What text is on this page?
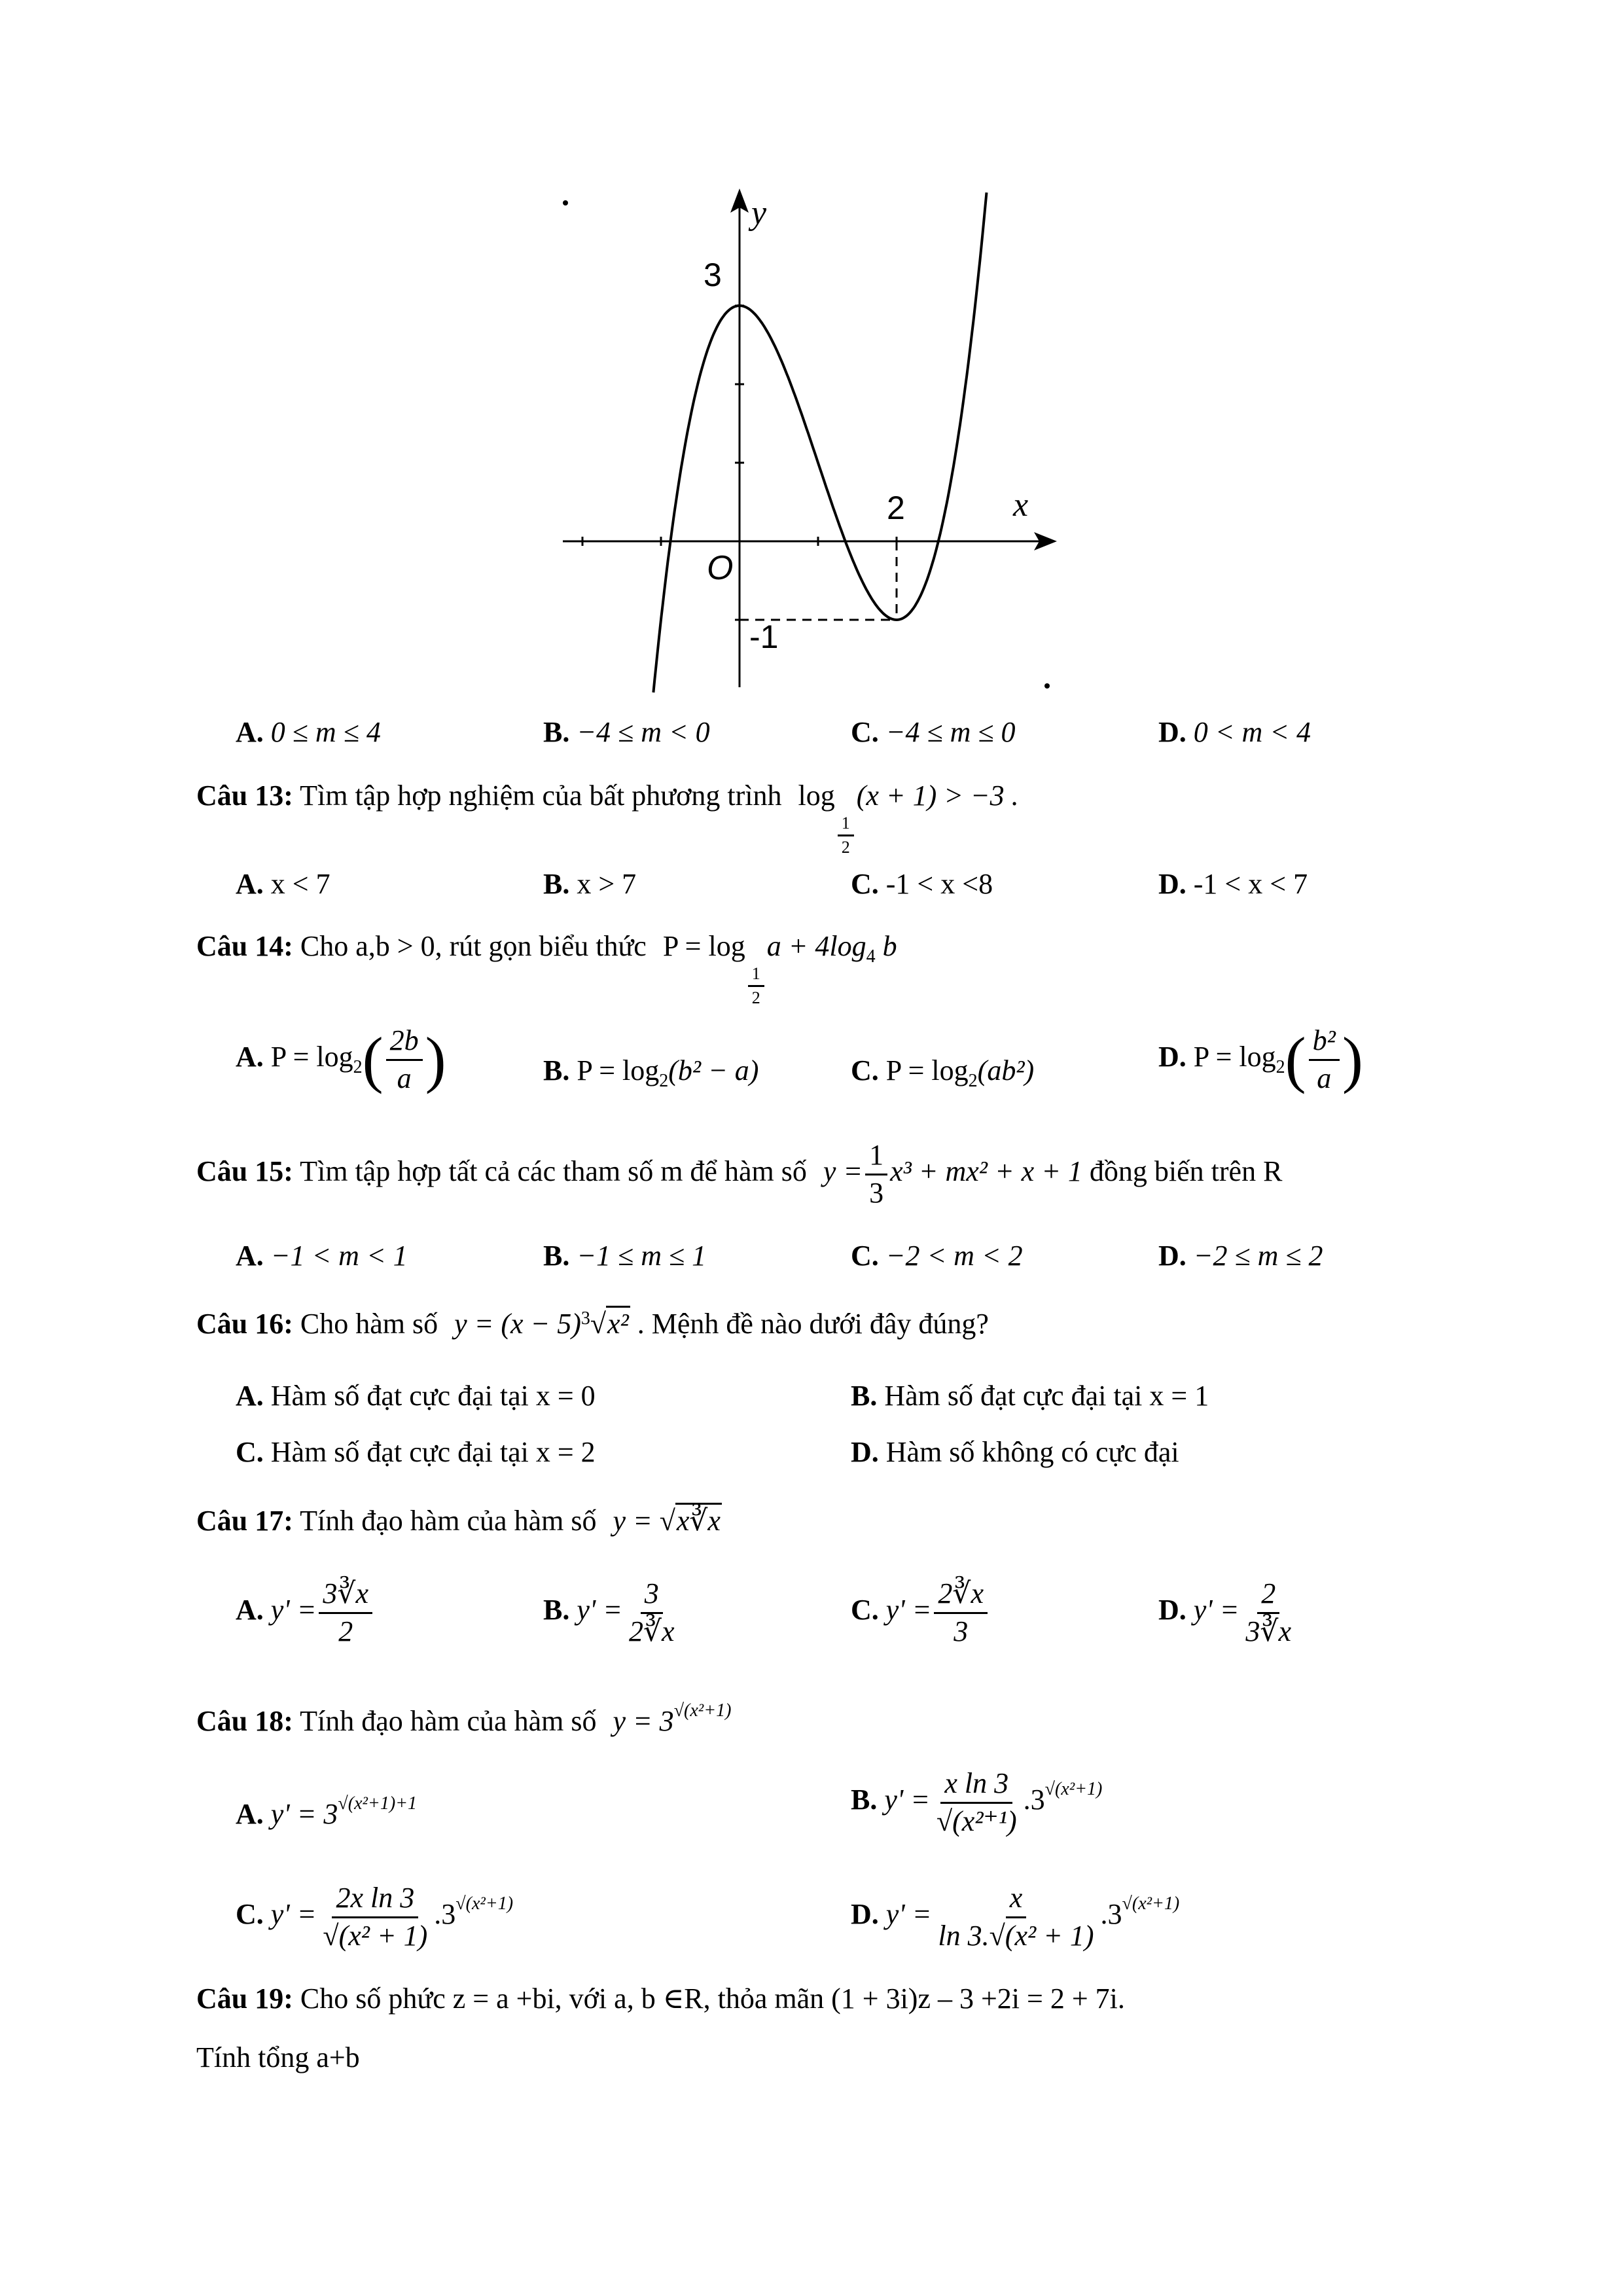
y
x
O
3
2
-1
A. 0 ≤ m ≤ 4	B. −4 ≤ m < 0	C. −4 ≤ m ≤ 0	D. 0 < m < 4
Câu 13: Tìm tập hợp nghiệm của bất phương trình log
$\frac{1}{2}$
(x + 1) > −3 .
A. x < 7	B. x > 7	C. -1 < x <8	D. -1 < x < 7
Câu 14: Cho a,b > 0, rút gọn biểu thức P = log
$\frac{1}{2}$
$a + 4\log_4$ b
A. $P = \log_2( \frac{2b}{a}$ )	B. $P = \log_2(b^2 - a)$	C. $P = \log_2(ab^2)$	D. $P = \log_2( \frac{\text{b²}}{a}$ )
Câu 15: Tìm tập hợp tất cả các tham số m để hàm số $y = \frac{1}{3} x^3 + mx^2 + x + 1$ đồng biến trên R
A. −1 < m < 1	B. −1 ≤ m ≤ 1	C. −2 < m < 2	D. −2 ≤ m ≤ 2
Câu 16: Cho hàm số $y = (x - 5)^3√x^2$ . Mệnh đề nào dưới đây đúng?
A. Hàm số đạt cực đại tại x = 0	B. Hàm số đạt cực đại tại x = 1
C. Hàm số đạt cực đại tại x = 2	D. Hàm số không có cực đại
Câu 17: Tính đạo hàm của hàm số y = √x∛x
A. $y' = \frac{3∛x}{2}$	B. $y' = \frac{3}{2∛x}$	C. $y' = \frac{2∛x}{3}$	D. $y' = \frac{2}{3∛x}$
Câu 18: Tính đạo hàm của hàm số $y = 3^{√(x^2+1)}$
A. $y' = 3^{√(x^2+1)+1}$	B. $y' = \frac{\text{x ln 3}}{\text{√(x²⁺¹)}} .3^{√(x^2+1)}$
C. $y' = \frac{\text{2x ln 3}}{\text{√(x² + 1)}} .3^{√(x^2+1)}$	D. $y' = \frac{x}{\text{ln 3.√(x² + 1)}} .3^{√(x^2+1)}$
Câu 19: Cho số phức z = a +bi, với a, b ∈R, thỏa mãn (1 + 3i)z – 3 +2i = 2 + 7i.
Tính tổng a+b
